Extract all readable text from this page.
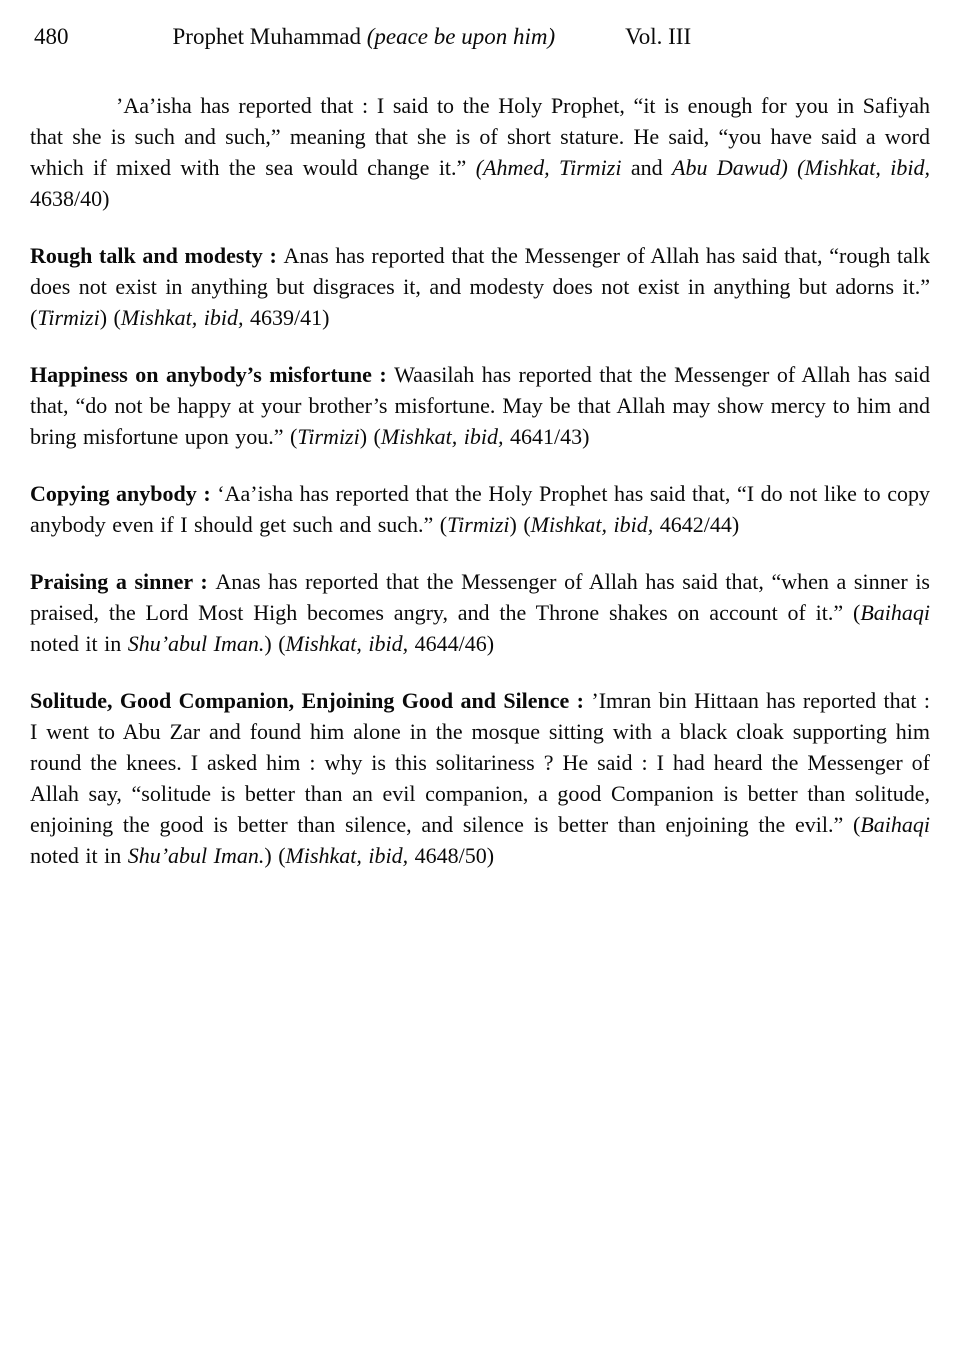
480	Prophet Muhammad (peace be upon him)	Vol. III

’Aa’isha has reported that : I said to the Holy Prophet, “it is enough for you in Safiyah that she is such and such,” meaning that she is of short stature. He said, “you have said a word which if mixed with the sea would change it.” (Ahmed, Tirmizi and Abu Dawud) (Mishkat, ibid, 4638/40)

Rough talk and modesty : Anas has reported that the Messenger of Allah has said that, “rough talk does not exist in anything but disgraces it, and modesty does not exist in anything but adorns it.” (Tirmizi) (Mishkat, ibid, 4639/41)

Happiness on anybody’s misfortune : Waasilah has reported that the Messenger of Allah has said that, “do not be happy at your brother’s misfortune. May be that Allah may show mercy to him and bring misfortune upon you.” (Tirmizi) (Mishkat, ibid, 4641/43)

Copying anybody : ‘Aa’isha has reported that the Holy Prophet has said that, “I do not like to copy anybody even if I should get such and such.” (Tirmizi) (Mishkat, ibid, 4642/44)

Praising a sinner : Anas has reported that the Messenger of Allah has said that, “when a sinner is praised, the Lord Most High becomes angry, and the Throne shakes on account of it.” (Baihaqi noted it in Shu’abul Iman.) (Mishkat, ibid, 4644/46)

Solitude, Good Companion, Enjoining Good and Silence : ’Imran bin Hittaan has reported that : I went to Abu Zar and found him alone in the mosque sitting with a black cloak supporting him round the knees. I asked him : why is this solitariness ? He said : I had heard the Messenger of Allah say, “solitude is better than an evil companion, a good Companion is better than solitude, enjoining the good is better than silence, and silence is better than enjoining the evil.” (Baihaqi noted it in Shu’abul Iman.) (Mishkat, ibid, 4648/50)
